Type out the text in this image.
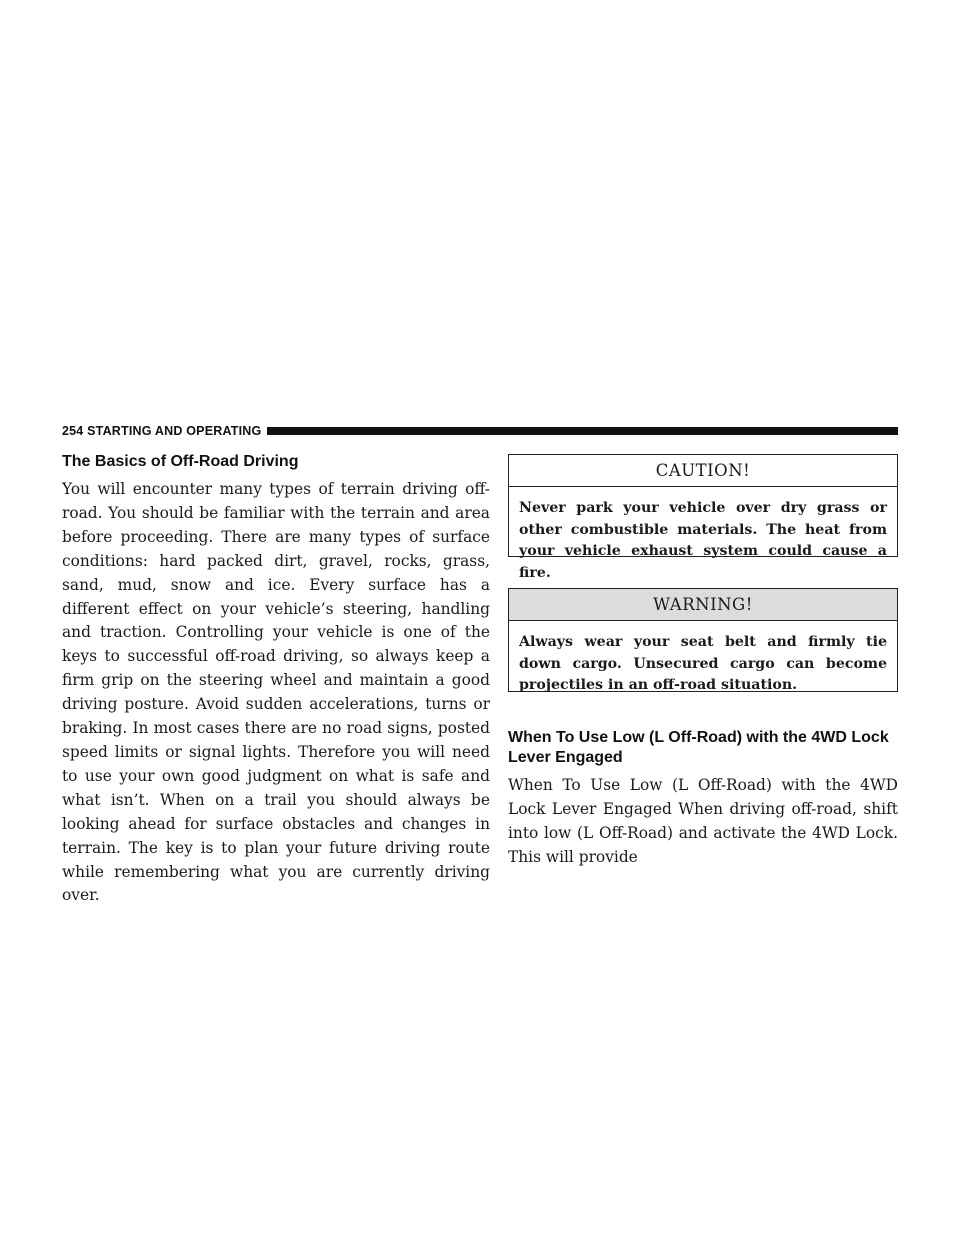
254 STARTING AND OPERATING
The Basics of Off-Road Driving

You will encounter many types of terrain driving off-road. You should be familiar with the terrain and area before proceeding. There are many types of surface conditions: hard packed dirt, gravel, rocks, grass, sand, mud, snow and ice. Every surface has a different effect on your vehicle’s steering, handling and traction. Controlling your vehicle is one of the keys to successful off-road driving, so always keep a firm grip on the steering wheel and maintain a good driving posture. Avoid sudden accelerations, turns or braking. In most cases there are no road signs, posted speed limits or signal lights. Therefore you will need to use your own good judgment on what is safe and what isn’t. When on a trail you should always be looking ahead for surface obstacles and changes in terrain. The key is to plan your future driving route while remembering what you are currently driving over.

CAUTION!
Never park your vehicle over dry grass or other combustible materials. The heat from your vehicle exhaust system could cause a fire.
WARNING!
Always wear your seat belt and firmly tie down cargo. Unsecured cargo can become projectiles in an off-road situation.
When To Use Low (L Off-Road) with the 4WD Lock Lever Engaged

When To Use Low (L Off-Road) with the 4WD Lock Lever Engaged When driving off-road, shift into low (L Off-Road) and activate the 4WD Lock. This will provide
